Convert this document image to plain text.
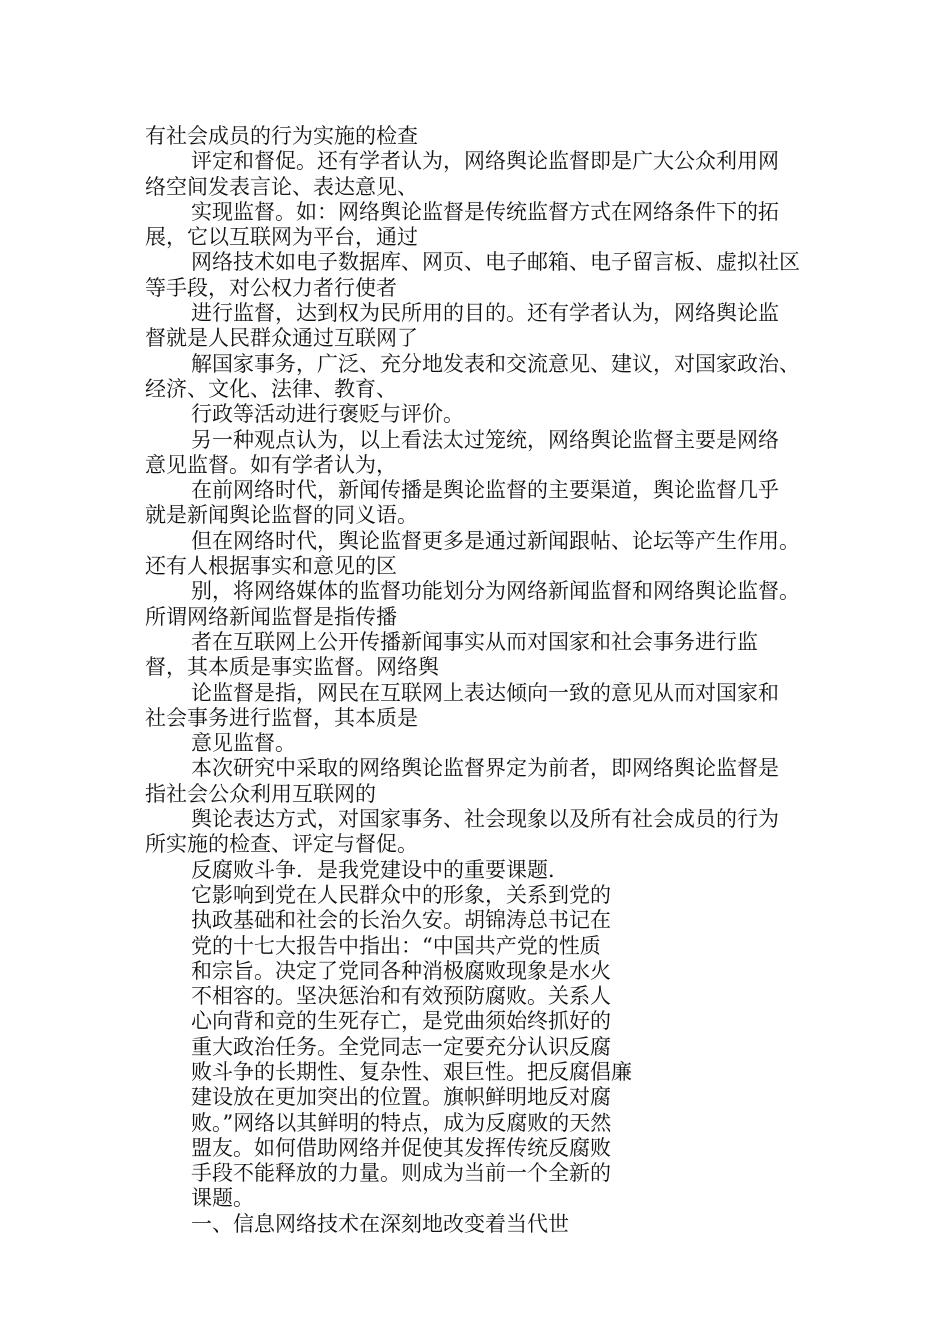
有社会成员的行为实施的检查

评定和督促。还有学者认为，网络舆论监督即是广大公众利用网

络空间发表言论、表达意见、

实现监督。如：网络舆论监督是传统监督方式在网络条件下的拓

展，它以互联网为平台，通过

网络技术如电子数据库、网页、电子邮箱、电子留言板、虚拟社区

等手段，对公权力者行使者

进行监督，达到权为民所用的目的。还有学者认为，网络舆论监

督就是人民群众通过互联网了

解国家事务，广泛、充分地发表和交流意见、建议，对国家政治、

经济、文化、法律、教育、

行政等活动进行褒贬与评价。

另一种观点认为，以上看法太过笼统，网络舆论监督主要是网络

意见监督。如有学者认为，

在前网络时代，新闻传播是舆论监督的主要渠道，舆论监督几乎

就是新闻舆论监督的同义语。

但在网络时代，舆论监督更多是通过新闻跟帖、论坛等产生作用。

还有人根据事实和意见的区

别，将网络媒体的监督功能划分为网络新闻监督和网络舆论监督。

所谓网络新闻监督是指传播

者在互联网上公开传播新闻事实从而对国家和社会事务进行监

督，其本质是事实监督。网络舆

论监督是指，网民在互联网上表达倾向一致的意见从而对国家和

社会事务进行监督，其本质是

意见监督。

本次研究中采取的网络舆论监督界定为前者，即网络舆论监督是

指社会公众利用互联网的

舆论表达方式，对国家事务、社会现象以及所有社会成员的行为

所实施的检查、评定与督促。

反腐败斗争．是我党建设中的重要课题．

它影响到党在人民群众中的形象，关系到党的

执政基础和社会的长治久安。胡锦涛总书记在

党的十七大报告中指出：“中国共产党的性质

和宗旨。决定了党同各种消极腐败现象是水火

不相容的。坚决惩治和有效预防腐败。关系人

心向背和竞的生死存亡，是党曲须始终抓好的

重大政治任务。全党同志一定要充分认识反腐

败斗争的长期性、复杂性、艰巨性。把反腐倡廉

建设放在更加突出的位置。旗帜鲜明地反对腐

败。”网络以其鲜明的特点，成为反腐败的天然

盟友。如何借助网络并促使其发挥传统反腐败

手段不能释放的力量。则成为当前一个全新的

课题。

一、信息网络技术在深刻地改变着当代世
